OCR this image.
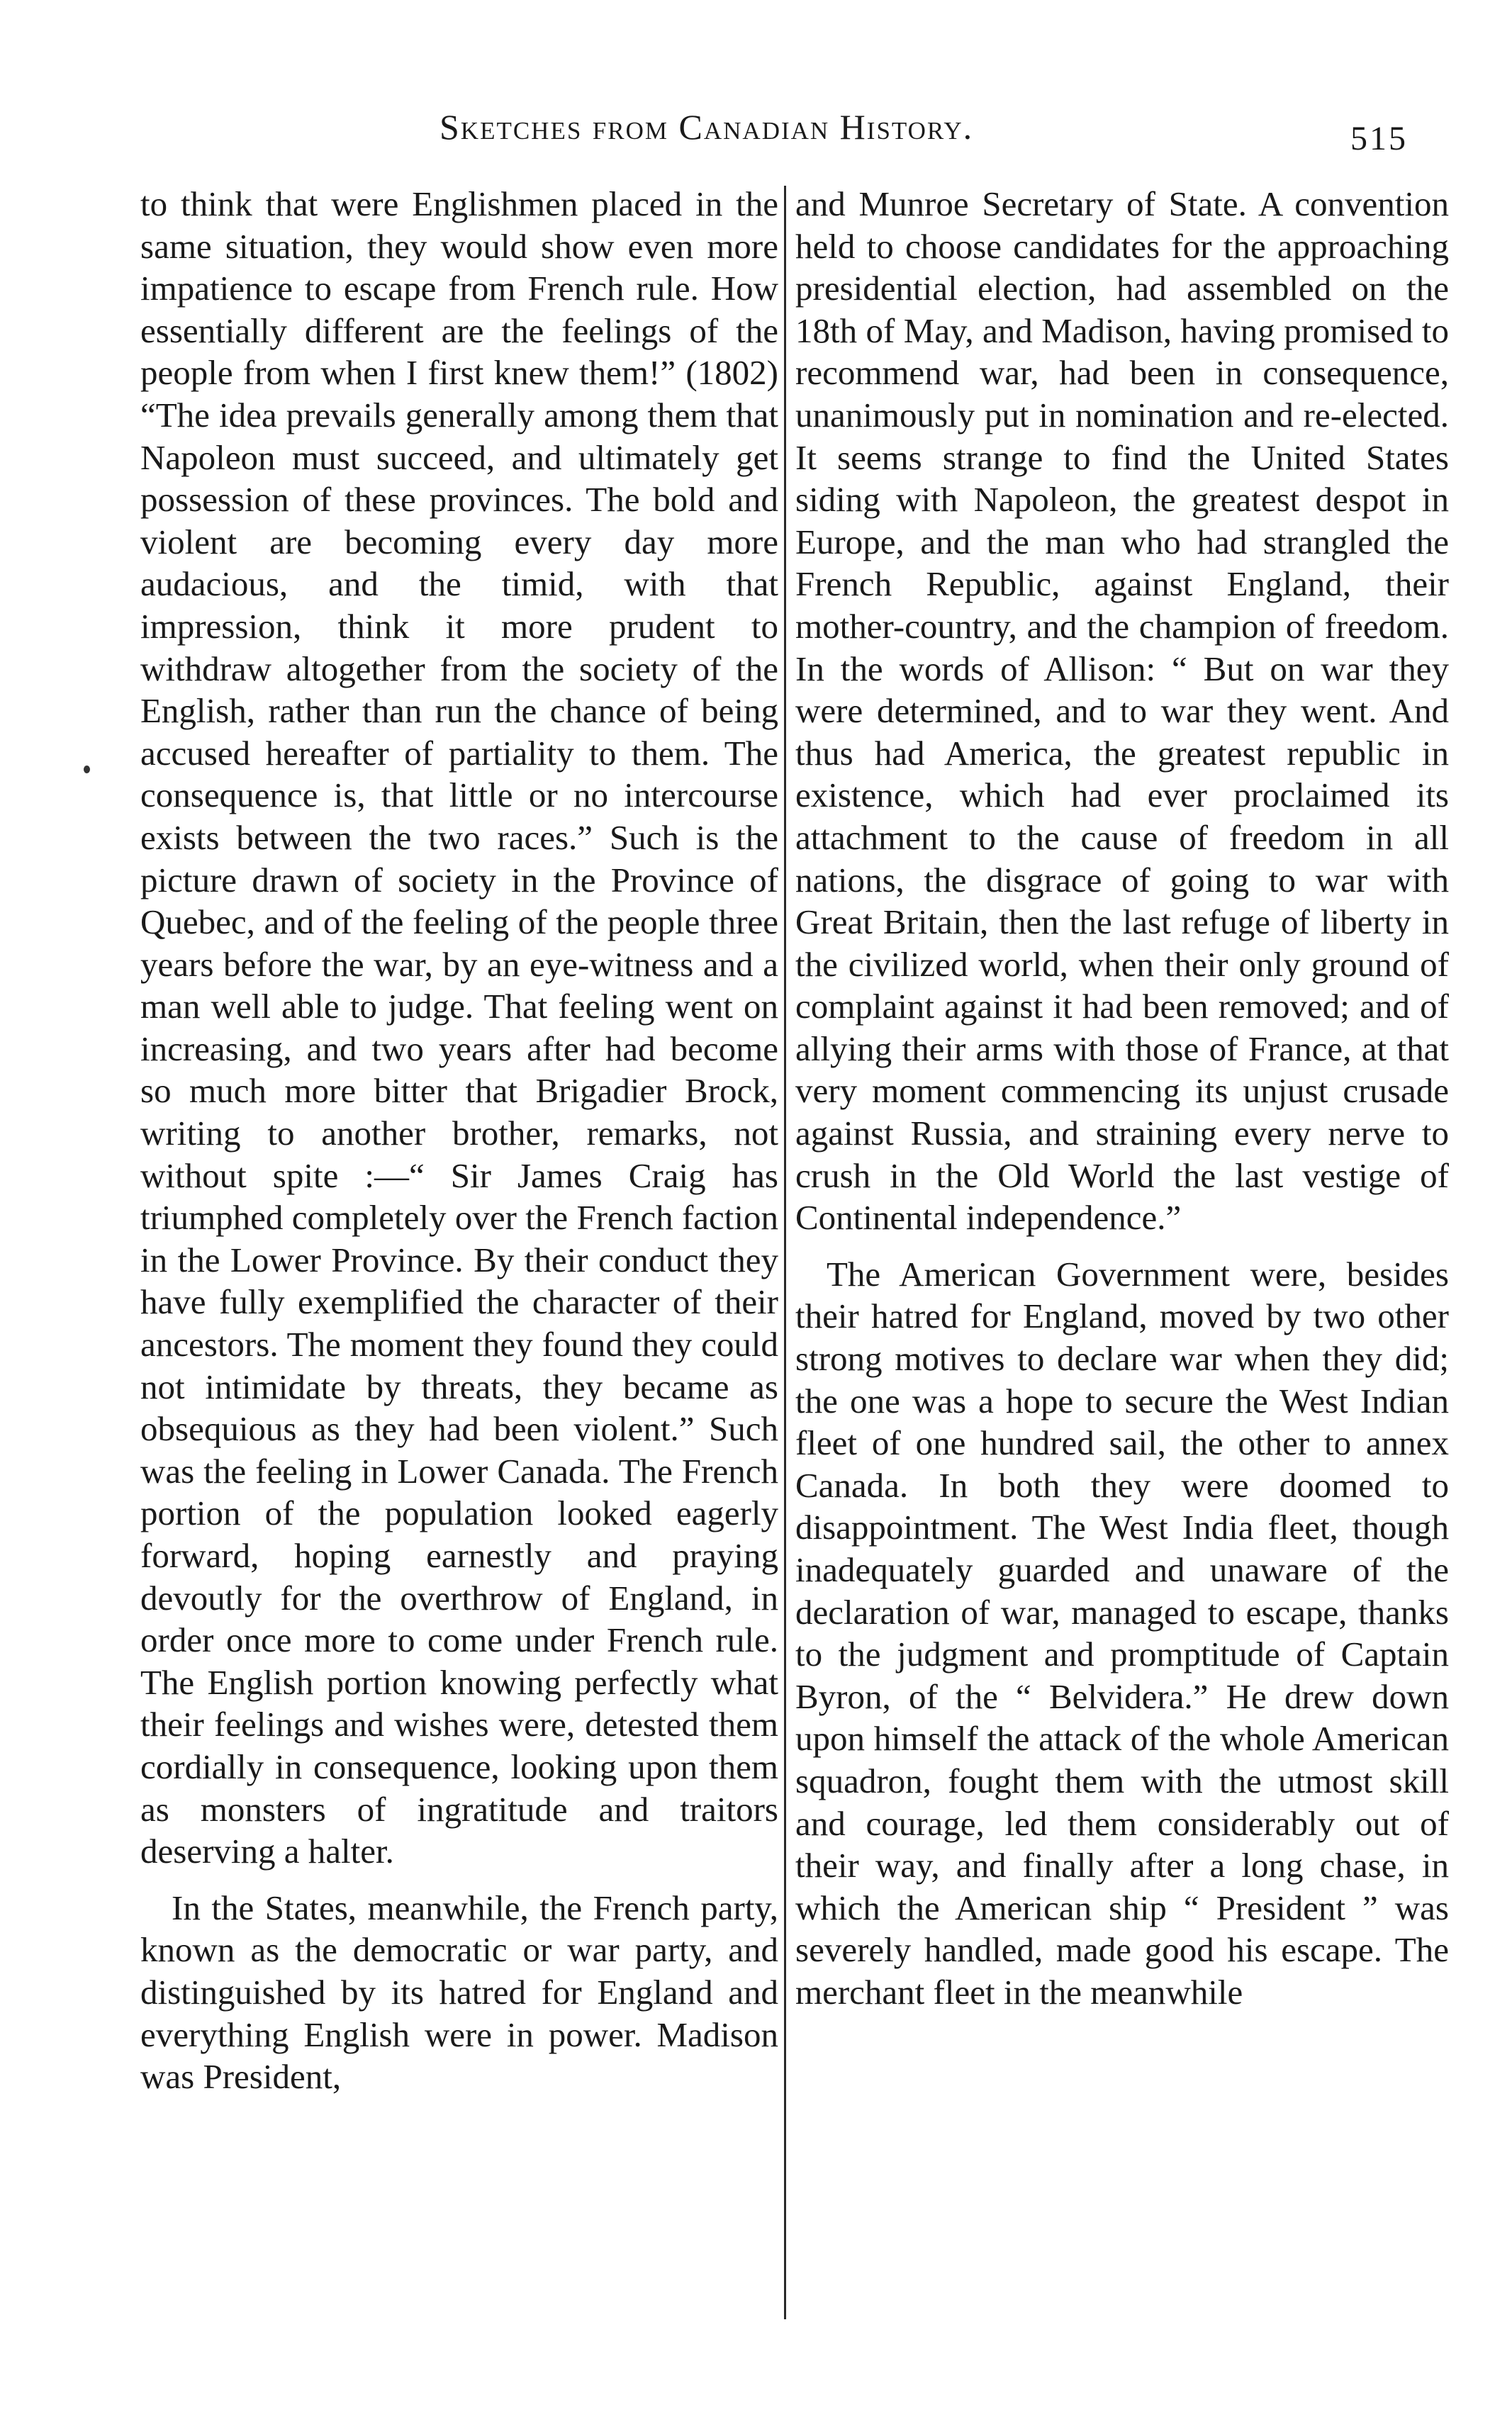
Sketches from Canadian History.	515

to think that were Englishmen placed in the same situation, they would show even more impatience to escape from French rule. How essentially different are the feelings of the people from when I first knew them!” (1802) “The idea prevails generally among them that Napoleon must succeed, and ultimately get possession of these provinces. The bold and violent are becoming every day more audacious, and the timid, with that impression, think it more prudent to withdraw altogether from the society of the English, rather than run the chance of being accused hereafter of partiality to them. The consequence is, that little or no intercourse exists between the two races.” Such is the picture drawn of society in the Province of Quebec, and of the feeling of the people three years before the war, by an eye-witness and a man well able to judge. That feeling went on increasing, and two years after had become so much more bitter that Brigadier Brock, writing to another brother, remarks, not without spite :—“ Sir James Craig has triumphed completely over the French faction in the Lower Province. By their conduct they have fully exemplified the character of their ancestors. The moment they found they could not intimidate by threats, they became as obsequious as they had been violent.” Such was the feeling in Lower Canada. The French portion of the population looked eagerly forward, hoping earnestly and praying devoutly for the overthrow of England, in order once more to come under French rule. The English portion knowing perfectly what their feelings and wishes were, detested them cordially in consequence, looking upon them as monsters of ingratitude and traitors deserving a halter.

In the States, meanwhile, the French party, known as the democratic or war party, and distinguished by its hatred for England and everything English were in power. Madison was President,

and Munroe Secretary of State. A convention held to choose candidates for the approaching presidential election, had assembled on the 18th of May, and Madison, having promised to recommend war, had been in consequence, unanimously put in nomination and re-elected. It seems strange to find the United States siding with Napoleon, the greatest despot in Europe, and the man who had strangled the French Republic, against England, their mother-country, and the champion of freedom. In the words of Allison: “ But on war they were determined, and to war they went. And thus had America, the greatest republic in existence, which had ever proclaimed its attachment to the cause of freedom in all nations, the disgrace of going to war with Great Britain, then the last refuge of liberty in the civilized world, when their only ground of complaint against it had been removed; and of allying their arms with those of France, at that very moment commencing its unjust crusade against Russia, and straining every nerve to crush in the Old World the last vestige of Continental independence.”

The American Government were, besides their hatred for England, moved by two other strong motives to declare war when they did; the one was a hope to secure the West Indian fleet of one hundred sail, the other to annex Canada. In both they were doomed to disappointment. The West India fleet, though inadequately guarded and unaware of the declaration of war, managed to escape, thanks to the judgment and promptitude of Captain Byron, of the “ Belvidera.” He drew down upon himself the attack of the whole American squadron, fought them with the utmost skill and courage, led them considerably out of their way, and finally after a long chase, in which the American ship “ President ” was severely handled, made good his escape. The merchant fleet in the meanwhile
